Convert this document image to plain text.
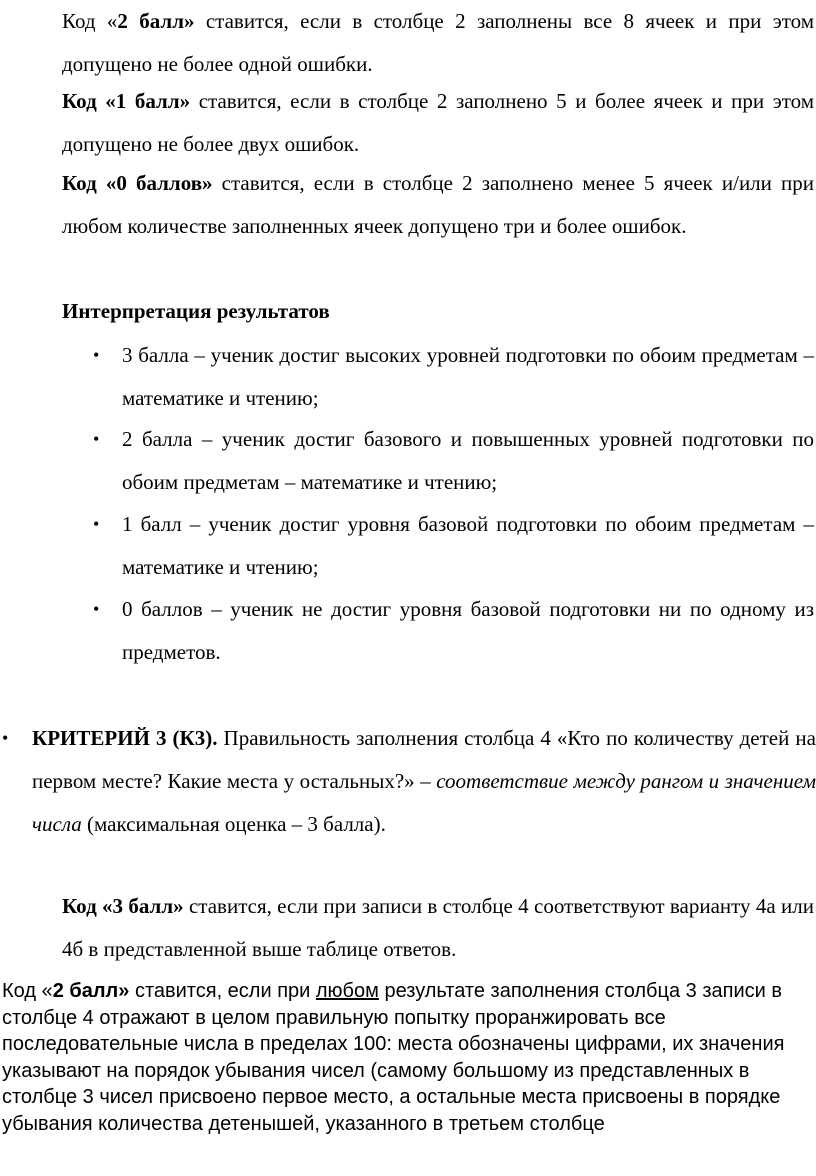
Код «2 балл» ставится, если в столбце 2 заполнены все 8 ячеек и при этом допущено не более одной ошибки.
Код «1 балл» ставится, если в столбце 2 заполнено 5 и более ячеек и при этом допущено не более двух ошибок.
Код «0 баллов» ставится, если в столбце 2 заполнено менее 5 ячеек и/или при любом количестве заполненных ячеек допущено три и более ошибок.
Интерпретация результатов
• 3 балла – ученик достиг высоких уровней подготовки по обоим предметам – математике и чтению;
• 2 балла – ученик достиг базового и повышенных уровней подготовки по обоим предметам – математике и чтению;
• 1 балл – ученик достиг уровня базовой подготовки по обоим предметам – математике и чтению;
• 0 баллов – ученик не достиг уровня базовой подготовки ни по одному из предметов.
• КРИТЕРИЙ 3 (К3). Правильность заполнения столбца 4 «Кто по количеству детей на первом месте? Какие места у остальных?» – соответствие между рангом и значением числа (максимальная оценка – 3 балла).
Код «3 балл» ставится, если при записи в столбце 4 соответствуют варианту 4а или 4б в представленной выше таблице ответов.
Код «2 балл» ставится, если при любом результате заполнения столбца 3 записи в столбце 4 отражают в целом правильную попытку проранжировать все последовательные числа в пределах 100: места обозначены цифрами, их значения указывают на порядок убывания чисел (самому большому из представленных в столбце 3 чисел присвоено первое место, а остальные места присвоены в порядке убывания количества детенышей, указанного в третьем столбце
